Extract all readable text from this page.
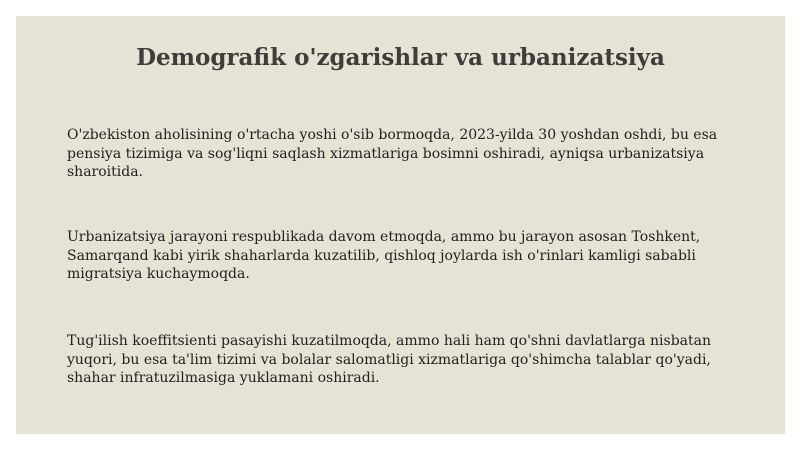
Demografik o'zgarishlar va urbanizatsiya

O'zbekiston aholisining o'rtacha yoshi o'sib bormoqda, 2023-yilda 30 yoshdan oshdi, bu esa pensiya tizimiga va sog'liqni saqlash xizmatlariga bosimni oshiradi, ayniqsa urbanizatsiya sharoitida.

Urbanizatsiya jarayoni respublikada davom etmoqda, ammo bu jarayon asosan Toshkent, Samarqand kabi yirik shaharlarda kuzatilib, qishloq joylarda ish o'rinlari kamligi sababli migratsiya kuchaymoqda.

Tug'ilish koeffitsienti pasayishi kuzatilmoqda, ammo hali ham qo'shni davlatlarga nisbatan yuqori, bu esa ta'lim tizimi va bolalar salomatligi xizmatlariga qo'shimcha talablar qo'yadi, shahar infratuzilmasiga yuklamani oshiradi.
